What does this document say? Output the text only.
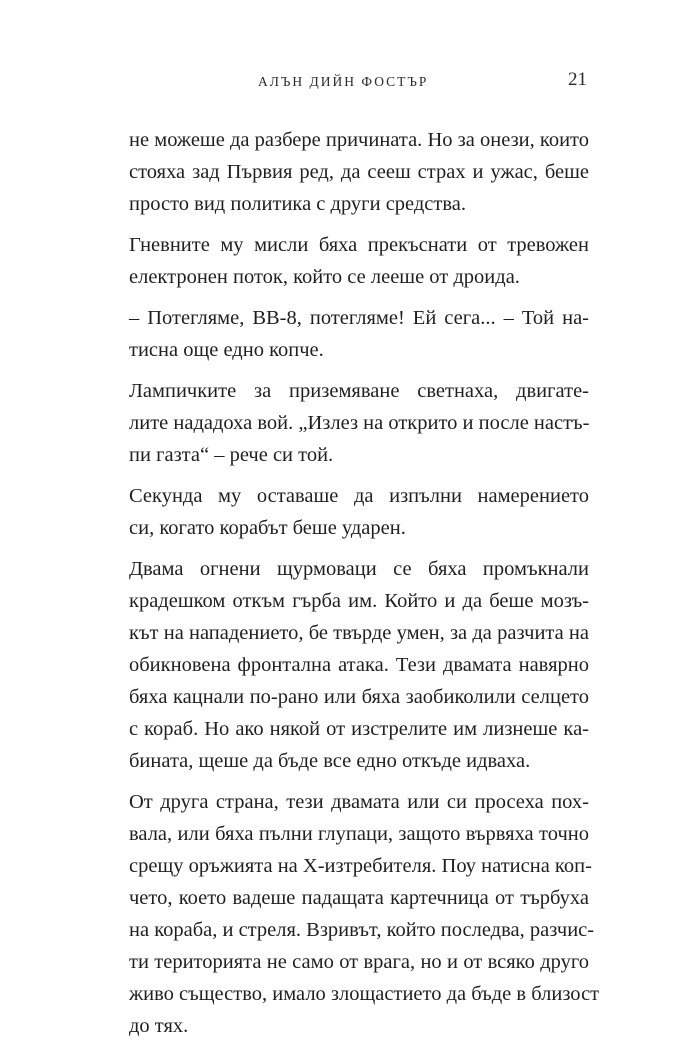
АЛЪН ДИЙН ФОСТЪР	21
не можеше да разбере причината. Но за онези, които
стояха зад Първия ред, да сееш страх и ужас, беше
просто вид политика с други средства.
Гневните му мисли бяха прекъснати от тревожен
електронен поток, който се лееше от дроида.
– Потегляме, BB-8, потегляме! Ей сега... – Той на-
тисна още едно копче.
Лампичките за приземяване светнаха, двигате-
лите нададоха вой. „Излез на открито и после настъ-
пи газта“ – рече си той.
Секунда му оставаше да изпълни намерението
си, когато корабът беше ударен.
Двама огнени щурмоваци се бяха промъкнали
крадешком откъм гърба им. Който и да беше мозъ-
кът на нападението, бе твърде умен, за да разчита на
обикновена фронтална атака. Тези двамата навярно
бяха кацнали по-рано или бяха заобиколили селцето
с кораб. Но ако някой от изстрелите им лизнеше ка-
бината, щеше да бъде все едно откъде идваха.
От друга страна, тези двамата или си просеха пох-
вала, или бяха пълни глупаци, защото вървяха точно
срещу оръжията на Х-изтребителя. Поу натисна коп-
чето, което вадеше падащата картечница от търбуха
на кораба, и стреля. Взривът, който последва, разчис-
ти територията не само от врага, но и от всяко друго
живо същество, имало злощастието да бъде в близост
до тях.
